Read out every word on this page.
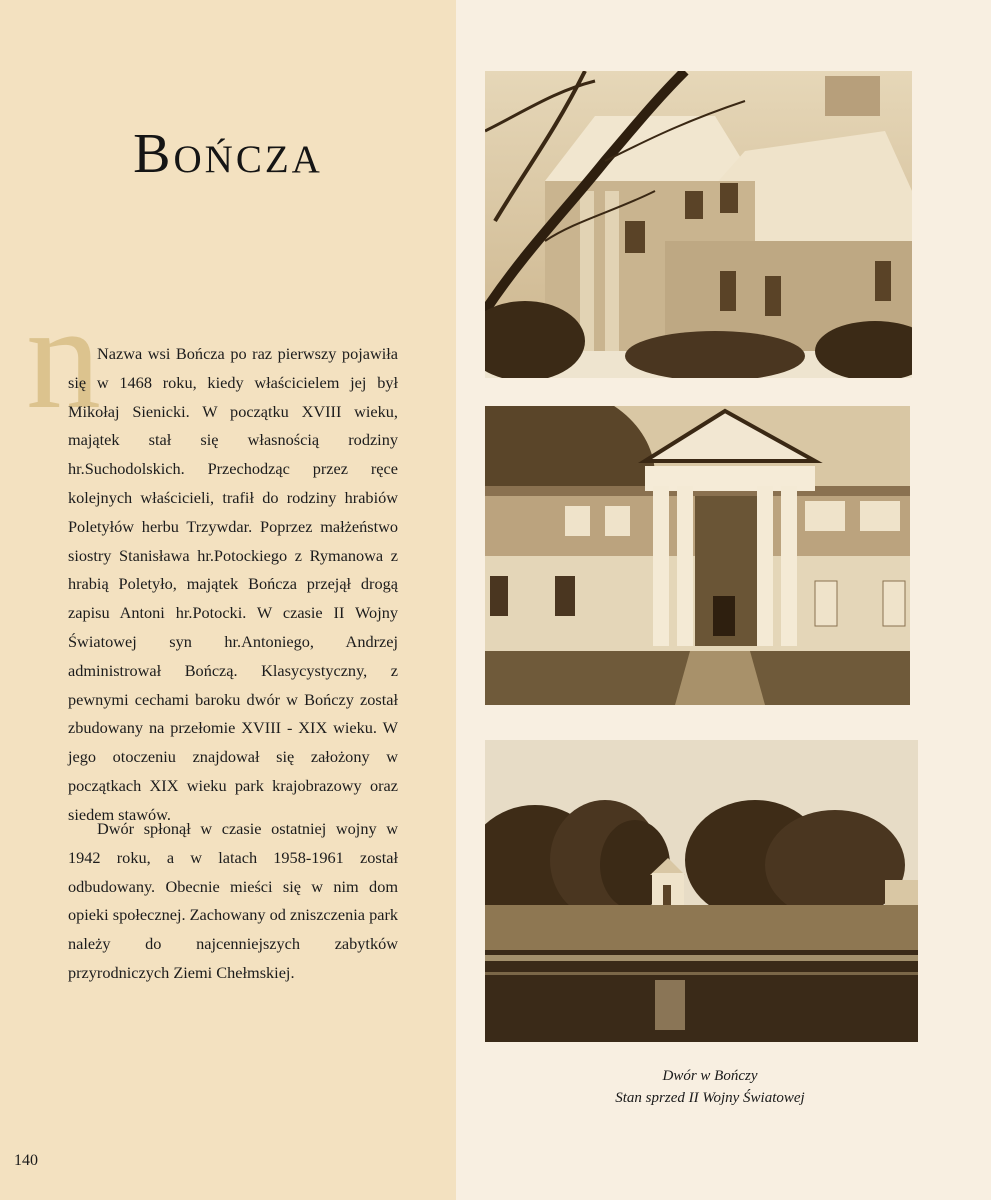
Bończa
n

Nazwa wsi Bończa po raz pierwszy pojawiła się w 1468 roku, kiedy właścicielem jej był Mikołaj Sienicki. W początku XVIII wieku, majątek stał się własnością rodziny hr.Suchodolskich. Przechodząc przez ręce kolejnych właścicieli, trafił do rodziny hrabiów Poletyłów herbu Trzywdar. Poprzez małżeństwo siostry Stanisława hr.Potockiego z Rymanowa z hrabią Poletyło, majątek Bończa przejął drogą zapisu Antoni hr.Potocki. W czasie II Wojny Światowej syn hr.Antoniego, Andrzej administrował Bończą. Klasycystyczny, z pewnymi cechami baroku dwór w Bończy został zbudowany na przełomie XVIII - XIX wieku. W jego otoczeniu znajdował się założony w początkach XIX wieku park krajobrazowy oraz siedem stawów.

Dwór spłonął w czasie ostatniej wojny w 1942 roku, a w latach 1958-1961 został odbudowany. Obecnie mieści się w nim dom opieki społecznej. Zachowany od zniszczenia park należy do najcenniejszych zabytków przyrodniczych Ziemi Chełmskiej.

Dwór w Bończy

Stan sprzed II Wojny Światowej

140
